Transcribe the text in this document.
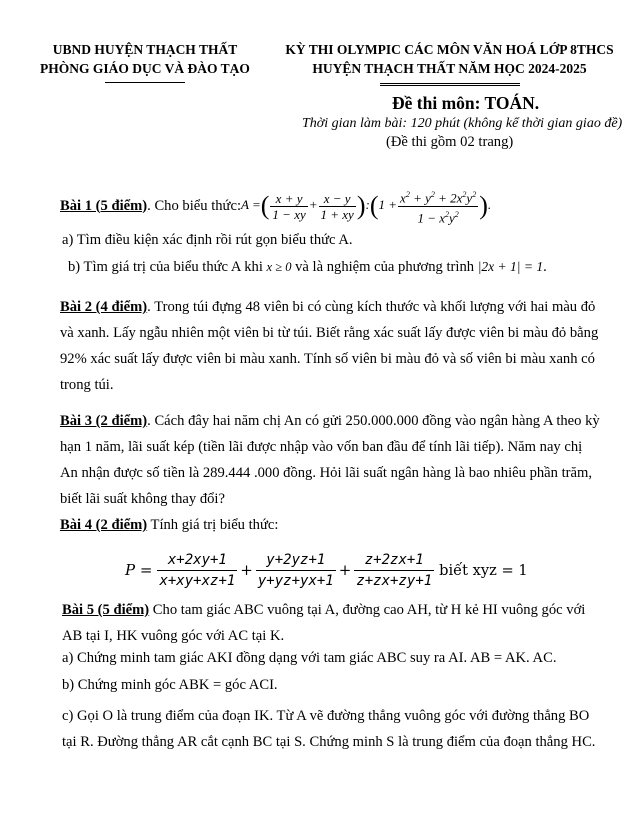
UBND HUYỆN THẠCH THẤT
PHÒNG GIÁO DỤC VÀ ĐÀO TẠO
KỲ THI OLYMPIC CÁC MÔN VĂN HOÁ LỚP 8THCS
HUYỆN THẠCH THẤT NĂM HỌC 2024-2025
Đề thi môn: TOÁN.
Thời gian làm bài: 120 phút (không kể thời gian giao đề)
(Đề thi gồm 02 trang)
Bài 1 (5 điểm) . Cho biểu thức: A =( $\frac{x + y}{1 - xy} + \frac{x - y}{1 + xy}$ ):(1 + $\frac{x^2 + y^2 + 2x^2y^2}{1 - x^2y^2}$ ).
a) Tìm điều kiện xác định rồi rút gọn biểu thức A.
b) Tìm giá trị của biểu thức A khi x ≥ 0 và là nghiệm của phương trình |2x + 1| = 1.
Bài 2 (4 điểm). Trong túi đựng 48 viên bi có cùng kích thước và khối lượng với hai màu đỏ và xanh. Lấy ngẫu nhiên một viên bi từ túi. Biết rằng xác suất lấy được viên bi màu đỏ bằng 92% xác suất lấy được viên bi màu xanh. Tính số viên bi màu đỏ và số viên bi màu xanh có trong túi.
Bài 3 (2 điểm). Cách đây hai năm chị An có gửi 250.000.000 đồng vào ngân hàng A theo kỳ hạn 1 năm, lãi suất kép (tiền lãi được nhập vào vốn ban đầu để tính lãi tiếp). Năm nay chị An nhận được số tiền là 289.444 .000 đồng. Hỏi lãi suất ngân hàng là bao nhiêu phần trăm, biết lãi suất không thay đổi?
Bài 4 (2 điểm) Tính giá trị biểu thức:
$P = \frac{x+2xy+1}{x+xy+xz+1} + \frac{y+2yz+1}{y+yz+yx+1} + \frac{z+2zx+1}{z+zx+zy+1}$ biết xyz = 1
Bài 5 (5 điểm) Cho tam giác ABC vuông tại A, đường cao AH, từ H kẻ HI vuông góc với AB tại I, HK vuông góc với AC tại K.
a) Chứng minh tam giác AKI đồng dạng với tam giác ABC suy ra AI. AB = AK. AC.
b) Chứng minh góc ABK = góc ACI.
c) Gọi O là trung điểm của đoạn IK. Từ A vẽ đường thẳng vuông góc với đường thẳng BO tại R. Đường thẳng AR cắt cạnh BC tại S. Chứng minh S là trung điểm của đoạn thẳng HC.
